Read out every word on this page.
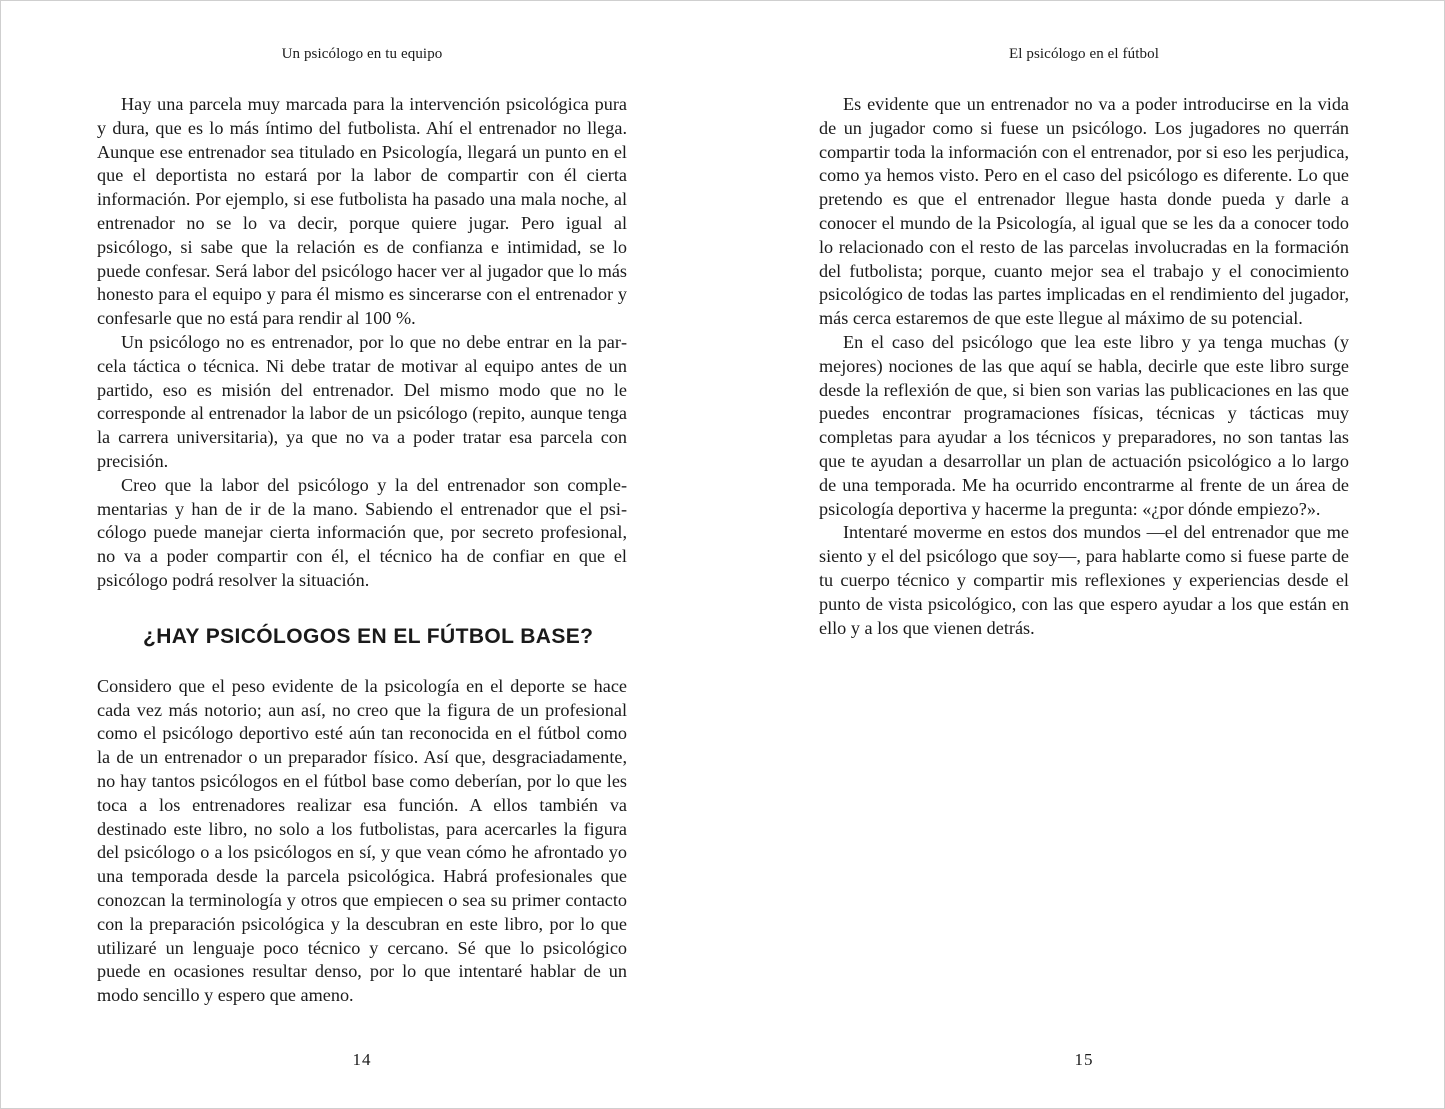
Un psicólogo en tu equipo

Hay una parcela muy marcada para la intervención psicológica pura y dura, que es lo más íntimo del futbolista. Ahí el entrenador no llega. Aunque ese entrenador sea titulado en Psicología, llegará un punto en el que el deportista no estará por la labor de compartir con él cierta información. Por ejemplo, si ese futbolista ha pasado una mala noche, al entrenador no se lo va decir, porque quiere jugar. Pero igual al psicólogo, si sabe que la relación es de confianza e intimidad, se lo puede confesar. Será labor del psicólogo hacer ver al jugador que lo más honesto para el equipo y para él mismo es sincerarse con el entrenador y confesarle que no está para rendir al 100 %.

Un psicólogo no es entrenador, por lo que no debe entrar en la parcela táctica o técnica. Ni debe tratar de motivar al equipo antes de un partido, eso es misión del entrenador. Del mismo modo que no le corresponde al entrenador la labor de un psicólogo (repito, aunque tenga la carrera universitaria), ya que no va a poder tratar esa parcela con precisión.

Creo que la labor del psicólogo y la del entrenador son complementarias y han de ir de la mano. Sabiendo el entrenador que el psicólogo puede manejar cierta información que, por secreto profesional, no va a poder compartir con él, el técnico ha de confiar en que el psicólogo podrá resolver la situación.

¿HAY PSICÓLOGOS EN EL FÚTBOL BASE?

Considero que el peso evidente de la psicología en el deporte se hace cada vez más notorio; aun así, no creo que la figura de un profesional como el psicólogo deportivo esté aún tan reconocida en el fútbol como la de un entrenador o un preparador físico. Así que, desgraciadamente, no hay tantos psicólogos en el fútbol base como deberían, por lo que les toca a los entrenadores realizar esa función. A ellos también va destinado este libro, no solo a los futbolistas, para acercarles la figura del psicólogo o a los psicólogos en sí, y que vean cómo he afrontado yo una temporada desde la parcela psicológica. Habrá profesionales que conozcan la terminología y otros que empiecen o sea su primer contacto con la preparación psicológica y la descubran en este libro, por lo que utilizaré un lenguaje poco técnico y cercano. Sé que lo psicológico puede en ocasiones resultar denso, por lo que intentaré hablar de un modo sencillo y espero que ameno.

14
El psicólogo en el fútbol

Es evidente que un entrenador no va a poder introducirse en la vida de un jugador como si fuese un psicólogo. Los jugadores no querrán compartir toda la información con el entrenador, por si eso les perjudica, como ya hemos visto. Pero en el caso del psicólogo es diferente. Lo que pretendo es que el entrenador llegue hasta donde pueda y darle a conocer el mundo de la Psicología, al igual que se les da a conocer todo lo relacionado con el resto de las parcelas involucradas en la formación del futbolista; porque, cuanto mejor sea el trabajo y el conocimiento psicológico de todas las partes implicadas en el rendimiento del jugador, más cerca estaremos de que este llegue al máximo de su potencial.

En el caso del psicólogo que lea este libro y ya tenga muchas (y mejores) nociones de las que aquí se habla, decirle que este libro surge desde la reflexión de que, si bien son varias las publicaciones en las que puedes encontrar programaciones físicas, técnicas y tácticas muy completas para ayudar a los técnicos y preparadores, no son tantas las que te ayudan a desarrollar un plan de actuación psicológico a lo largo de una temporada. Me ha ocurrido encontrarme al frente de un área de psicología deportiva y hacerme la pregunta: «¿por dónde empiezo?».

Intentaré moverme en estos dos mundos —el del entrenador que me siento y el del psicólogo que soy—, para hablarte como si fuese parte de tu cuerpo técnico y compartir mis reflexiones y experiencias desde el punto de vista psicológico, con las que espero ayudar a los que están en ello y a los que vienen detrás.

15
